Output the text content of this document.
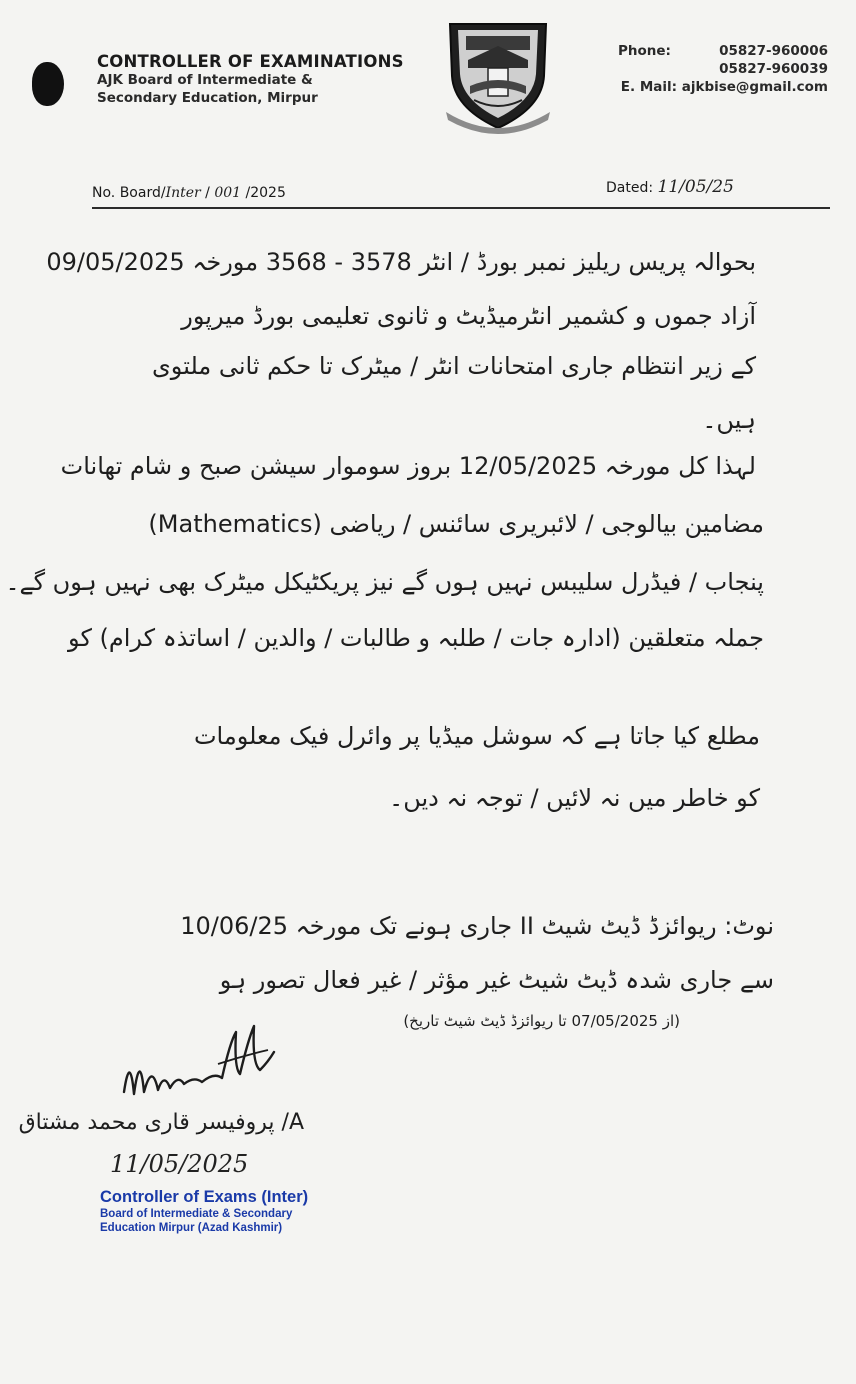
CONTROLLER OF EXAMINATIONS
AJK Board of Intermediate &
Secondary Education, Mirpur
Phone:	05827-960006
05827-960039
E. Mail: ajkbise@gmail.com
No. Board/Inter / 001 /2025	Dated: 11/05/25
بحوالہ پریس ریلیز نمبر بورڈ / انٹر 3578 - 3568 مورخہ 09/05/2025
آزاد جموں و کشمیر انٹرمیڈیٹ و ثانوی تعلیمی بورڈ میرپور
کے زیر انتظام جاری امتحانات انٹر / میٹرک تا حکم ثانی ملتوی
ہیں۔
لہذا کل مورخہ 12/05/2025 بروز سوموار سیشن صبح و شام تھانات
مضامین بیالوجی / لائبریری سائنس / ریاضی (Mathematics)
پنجاب / فیڈرل سلیبس نہیں ہوں گے نیز پریکٹیکل میٹرک بھی نہیں ہوں گے۔
جملہ متعلقین (ادارہ جات / طلبہ و طالبات / والدین / اساتذہ کرام) کو
مطلع کیا جاتا ہے کہ سوشل میڈیا پر وائرل فیک معلومات
کو خاطر میں نہ لائیں / توجہ نہ دیں۔
نوٹ: ریوائزڈ ڈیٹ شیٹ II جاری ہونے تک مورخہ 10/06/25
سے جاری شدہ ڈیٹ شیٹ غیر مؤثر / غیر فعال تصور ہو
(از 07/05/2025 تا ریوائزڈ ڈیٹ شیٹ تاریخ)
A/ پروفیسر قاری محمد مشتاق
11/05/2025
Controller of Exams (Inter)
Board of Intermediate & Secondary
Education Mirpur (Azad Kashmir)
